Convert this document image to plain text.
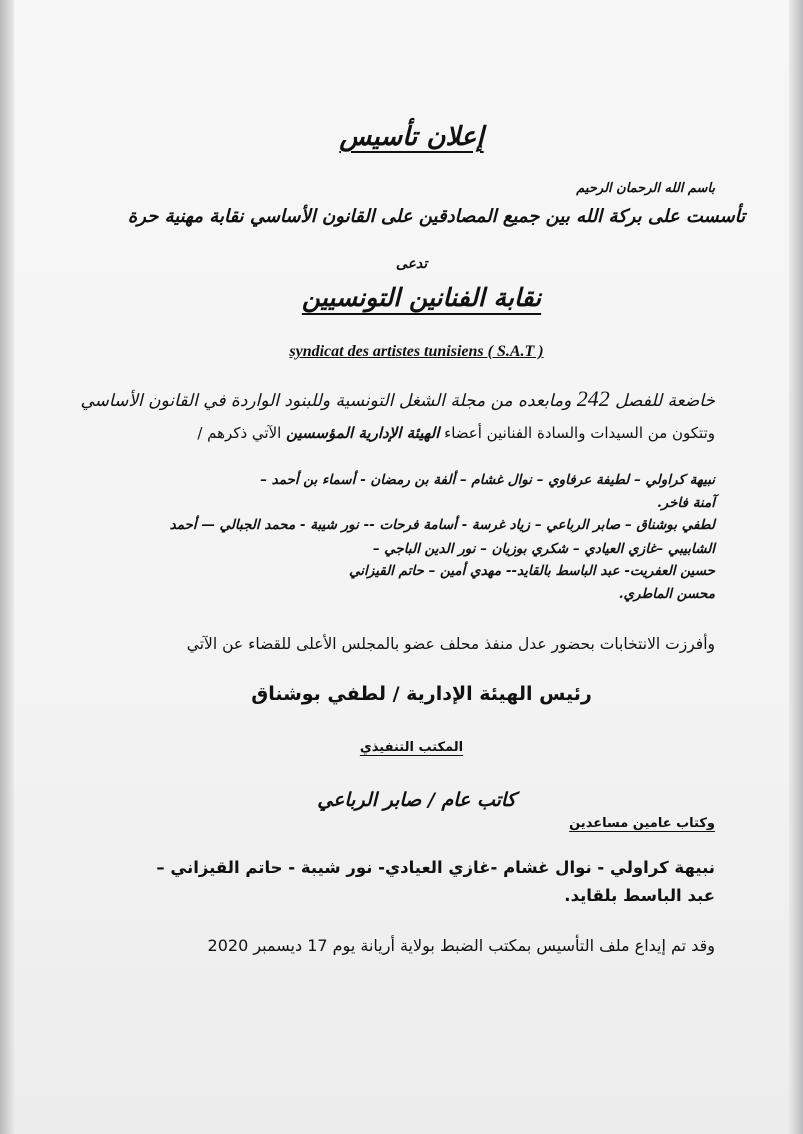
إعلان تأسيس

باسم الله الرحمان الرحيم

تأسست على بركة الله بين جميع المصادقين على القانون الأساسي نقابة مهنية حرة

تدعى

نقابة الفنانين التونسيين

syndicat des artistes tunisiens ( S.A.T )

خاضعة للفصل 242 ومابعده من مجلة الشغل التونسية وللبنود الواردة في القانون الأساسي

وتتكون من السيدات والسادة الفنانين أعضاء الهيئة الإدارية المؤسسين الآتي ذكرهم /

نبيهة كراولي – لطيفة عرفاوي – نوال غشام – ألفة بن رمضان - أسماء بن أحمد –

آمنة فاخر.

لطفي بوشناق – صابر الرباعي – زياد غرسة - أسامة فرحات -- نور شيبة - محمد الجبالي — أحمد

الشابيبي –غازي العيادي – شكري بوزيان – نور الدين الباجي –

حسين العفريت- عبد الباسط بالقايد-- مهدي أمين – حاتم القيزاني

محسن الماطري.

وأفرزت الانتخابات بحضور عدل منفذ محلف عضو بالمجلس الأعلى للقضاء عن الآتي

رئيس الهيئة الإدارية / لطفي بوشناق

المكتب التنفيذي

كاتب عام / صابر الرباعي

وكتاب عامين مساعدين

نبيهة كراولي - نوال غشام -غازي العيادي- نور شيبة - حاتم القيزاني –

عبد الباسط بلقايد.

وقد تم إيداع ملف التأسيس بمكتب الضبط بولاية أريانة يوم 17 ديسمبر 2020
